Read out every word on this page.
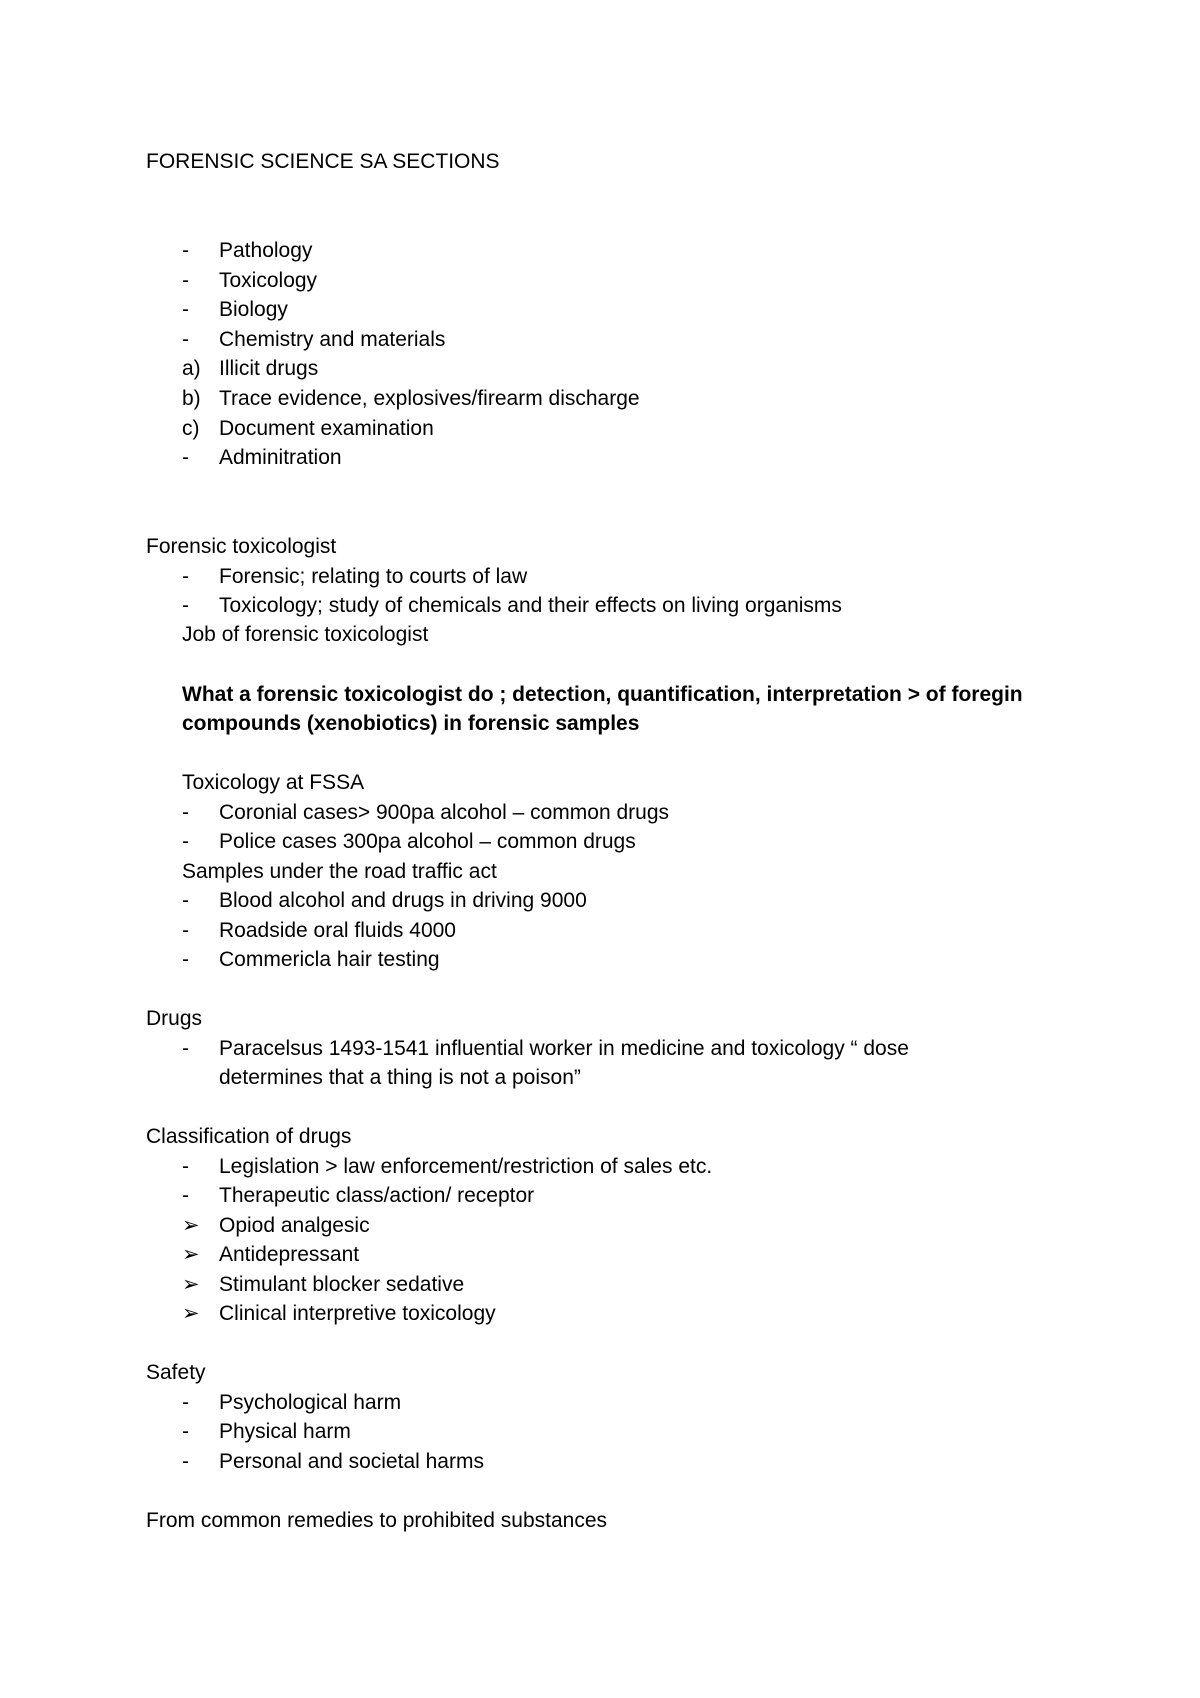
FORENSIC SCIENCE SA SECTIONS
- Pathology
- Toxicology
- Biology
- Chemistry and materials
a) Illicit drugs
b) Trace evidence, explosives/firearm discharge
c) Document examination
- Adminitration
Forensic toxicologist
- Forensic; relating to courts of law
- Toxicology; study of chemicals and their effects on living organisms
Job of forensic toxicologist
What a forensic toxicologist do ; detection, quantification, interpretation > of foregin
compounds (xenobiotics) in forensic samples
Toxicology at FSSA
- Coronial cases> 900pa alcohol – common drugs
- Police cases 300pa alcohol – common drugs
Samples under the road traffic act
- Blood alcohol and drugs in driving 9000
- Roadside oral fluids 4000
- Commericla hair testing
Drugs
- Paracelsus 1493-1541 influential worker in medicine and toxicology “ dose
determines that a thing is not a poison”
Classification of drugs
- Legislation > law enforcement/restriction of sales etc.
- Therapeutic class/action/ receptor
➢ Opiod analgesic
➢ Antidepressant
➢ Stimulant blocker sedative
➢ Clinical interpretive toxicology
Safety
- Psychological harm
- Physical harm
- Personal and societal harms
From common remedies to prohibited substances
